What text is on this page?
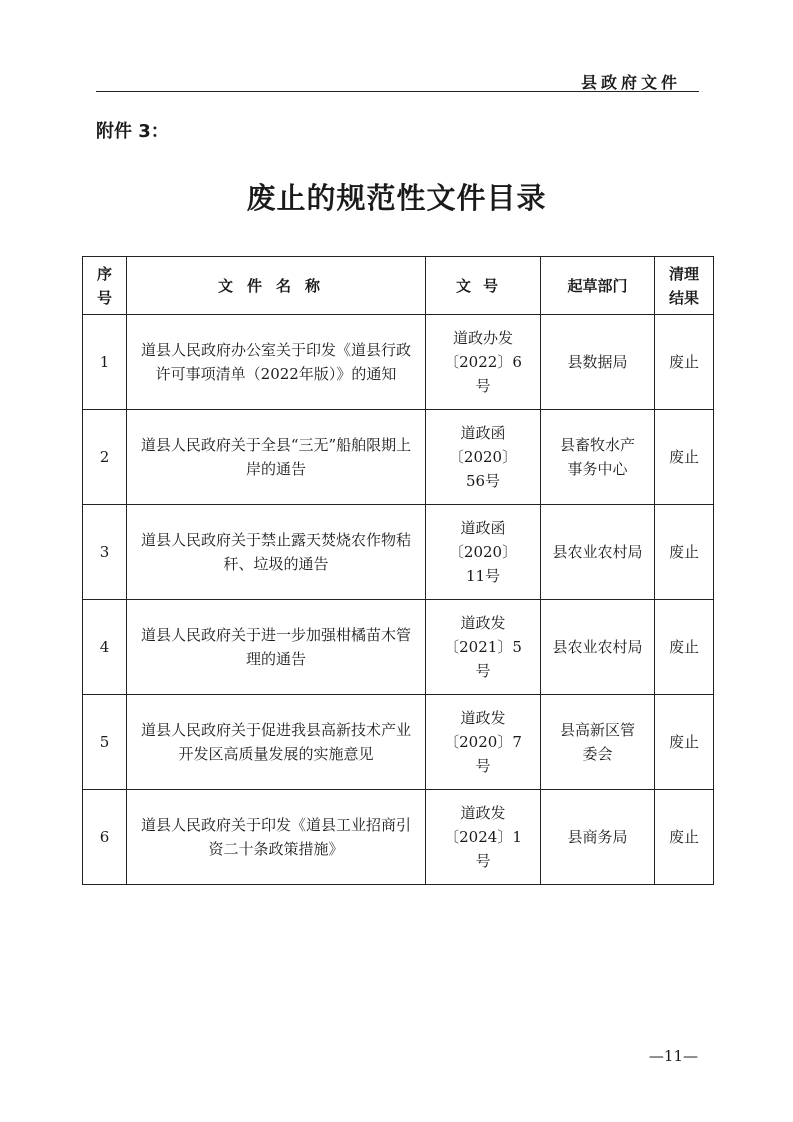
县政府文件
附件 3：
废止的规范性文件目录
序号	文件名称	文号	起草部门	清理结果
1	道县人民政府办公室关于印发《道县行政许可事项清单（2022年版）》的通知	道政办发〔2022〕6号	县数据局	废止
2	道县人民政府关于全县“三无”船舶限期上岸的通告	道政函〔2020〕56号	县畜牧水产事务中心	废止
3	道县人民政府关于禁止露天焚烧农作物秸秆、垃圾的通告	道政函〔2020〕11号	县农业农村局	废止
4	道县人民政府关于进一步加强柑橘苗木管理的通告	道政发〔2021〕5号	县农业农村局	废止
5	道县人民政府关于促进我县高新技术产业开发区高质量发展的实施意见	道政发〔2020〕7号	县高新区管委会	废止
6	道县人民政府关于印发《道县工业招商引资二十条政策措施》	道政发〔2024〕1号	县商务局	废止
—11—
